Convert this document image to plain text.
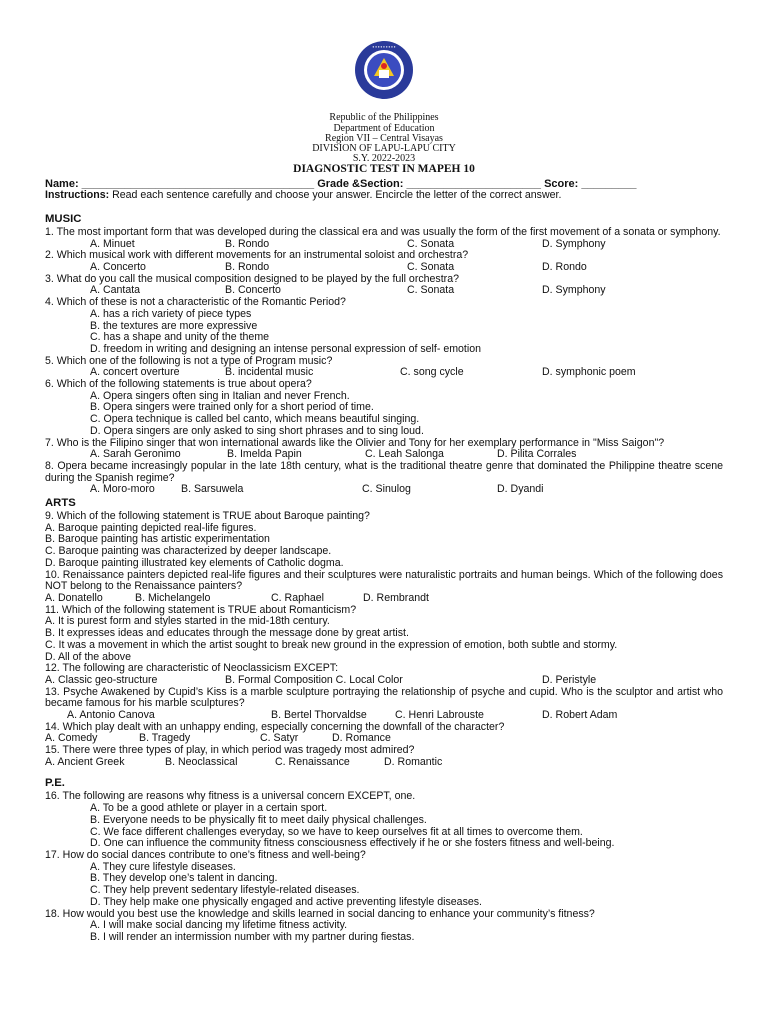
•••••••••
Republic of the Philippines
Department of Education
Region VII – Central Visayas
DIVISION OF LAPU-LAPU CITY
S.Y. 2022-2023
DIAGNOSTIC TEST IN MAPEH 10
Name: ______________________________________ Grade &Section: ______________________ Score: _________
Instructions: Read each sentence carefully and choose your answer. Encircle the letter of the correct answer.
MUSIC
1. The most important form that was developed during the classical era and was usually the form of the first movement of a sonata or symphony.
A. Minuet	B. Rondo	C. Sonata	D. Symphony
2. Which musical work with different movements for an instrumental soloist and orchestra?
A. Concerto	B. Rondo	C. Sonata	D. Rondo
3. What do you call the musical composition designed to be played by the full orchestra?
A. Cantata	B. Concerto	C. Sonata	D. Symphony
4. Which of these is not a characteristic of the Romantic Period?
A. has a rich variety of piece types
B. the textures are more expressive
C. has a shape and unity of the theme
D. freedom in writing and designing an intense personal expression of self- emotion
5. Which one of the following is not a type of Program music?
A. concert overture	B. incidental music	C. song cycle	D. symphonic poem
6. Which of the following statements is true about opera?
A. Opera singers often sing in Italian and never French.
B. Opera singers were trained only for a short period of time.
C. Opera technique is called bel canto, which means beautiful singing.
D. Opera singers are only asked to sing short phrases and to sing loud.
7. Who is the Filipino singer that won international awards like the Olivier and Tony for her exemplary performance in "Miss Saigon"?
A. Sarah Geronimo	B. Imelda Papin	C. Leah Salonga	D. Pilita Corrales
8. Opera became increasingly popular in the late 18th century, what is the traditional theatre genre that dominated the Philippine theatre scene during the Spanish regime?
A. Moro-moro B. Sarsuwela	C. Sinulog	D. Dyandi
ARTS
9. Which of the following statement is TRUE about Baroque painting?
A. Baroque painting depicted real-life figures.
B. Baroque painting has artistic experimentation
C. Baroque painting was characterized by deeper landscape.
D. Baroque painting illustrated key elements of Catholic dogma.
10. Renaissance painters depicted real-life figures and their sculptures were naturalistic portraits and human beings. Which of the following does NOT belong to the Renaissance painters?
A. Donatello	B. Michelangelo	C. Raphael	D. Rembrandt
11. Which of the following statement is TRUE about Romanticism?
A. It is purest form and styles started in the mid-18th century.
B. It expresses ideas and educates through the message done by great artist.
C. It was a movement in which the artist sought to break new ground in the expression of emotion, both subtle and stormy.
D. All of the above
12. The following are characteristic of Neoclassicism EXCEPT:
A. Classic geo-structure	B. Formal Composition C. Local Color	D. Peristyle
13. Psyche Awakened by Cupid’s Kiss is a marble sculpture portraying the relationship of psyche and cupid. Who is the sculptor and artist who became famous for his marble sculptures?
A. Antonio Canova	B. Bertel Thorvaldse	C. Henri Labrouste	D. Robert Adam
14. Which play dealt with an unhappy ending, especially concerning the downfall of the character?
A. Comedy	B. Tragedy	C. Satyr	D. Romance
15. There were three types of play, in which period was tragedy most admired?
A. Ancient Greek	B. Neoclassical	C. Renaissance	D. Romantic
P.E.
16. The following are reasons why fitness is a universal concern EXCEPT, one.
A. To be a good athlete or player in a certain sport.
B. Everyone needs to be physically fit to meet daily physical challenges.
C. We face different challenges everyday, so we have to keep ourselves fit at all times to overcome them.
D. One can influence the community fitness consciousness effectively if he or she fosters fitness and well-being.
17. How do social dances contribute to one’s fitness and well-being?
A. They cure lifestyle diseases.
B. They develop one’s talent in dancing.
C. They help prevent sedentary lifestyle-related diseases.
D. They help make one physically engaged and active preventing lifestyle diseases.
18. How would you best use the knowledge and skills learned in social dancing to enhance your community’s fitness?
A. I will make social dancing my lifetime fitness activity.
B. I will render an intermission number with my partner during fiestas.
